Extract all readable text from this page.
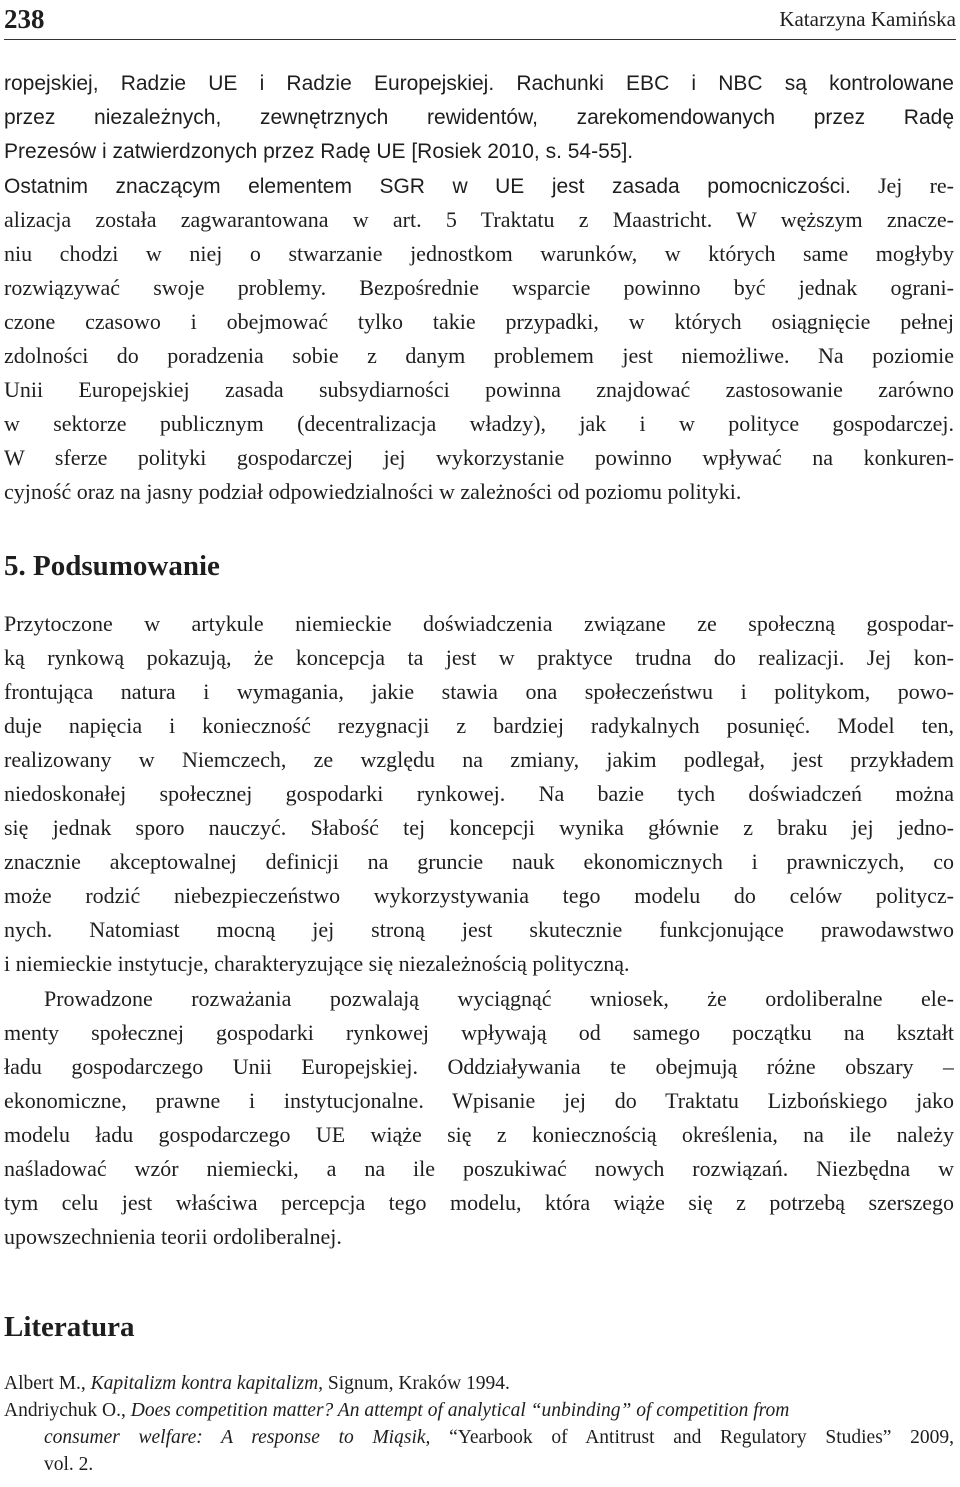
238	Katarzyna Kamińska
ropejskiej, Radzie UE i Radzie Europejskiej. Rachunki EBC i NBC są kontrolowane
przez niezależnych, zewnętrznych rewidentów, zarekomendowanych przez Radę
Prezesów i zatwierdzonych przez Radę UE [Rosiek 2010, s. 54-55].
Ostatnim znaczącym elementem SGR w UE jest zasada pomocniczości. Jej re-
alizacja została zagwarantowana w art. 5 Traktatu z Maastricht. W węższym znacze-
niu chodzi w niej o stwarzanie jednostkom warunków, w których same mogłyby
rozwiązywać swoje problemy. Bezpośrednie wsparcie powinno być jednak ograni-
czone czasowo i obejmować tylko takie przypadki, w których osiągnięcie pełnej
zdolności do poradzenia sobie z danym problemem jest niemożliwe. Na poziomie
Unii Europejskiej zasada subsydiarności powinna znajdować zastosowanie zarówno
w sektorze publicznym (decentralizacja władzy), jak i w polityce gospodarczej.
W sferze polityki gospodarczej jej wykorzystanie powinno wpływać na konkuren-
cyjność oraz na jasny podział odpowiedzialności w zależności od poziomu polityki.
5. Podsumowanie
Przytoczone w artykule niemieckie doświadczenia związane ze społeczną gospodar-
ką rynkową pokazują, że koncepcja ta jest w praktyce trudna do realizacji. Jej kon-
frontująca natura i wymagania, jakie stawia ona społeczeństwu i politykom, powo-
duje napięcia i konieczność rezygnacji z bardziej radykalnych posunięć. Model ten,
realizowany w Niemczech, ze względu na zmiany, jakim podlegał, jest przykładem
niedoskonałej społecznej gospodarki rynkowej. Na bazie tych doświadczeń można
się jednak sporo nauczyć. Słabość tej koncepcji wynika głównie z braku jej jedno-
znacznie akceptowalnej definicji na gruncie nauk ekonomicznych i prawniczych, co
może rodzić niebezpieczeństwo wykorzystywania tego modelu do celów politycz-
nych. Natomiast mocną jej stroną jest skutecznie funkcjonujące prawodawstwo
i niemieckie instytucje, charakteryzujące się niezależnością polityczną.
Prowadzone rozważania pozwalają wyciągnąć wniosek, że ordoliberalne ele-
menty społecznej gospodarki rynkowej wpływają od samego początku na kształt
ładu gospodarczego Unii Europejskiej. Oddziaływania te obejmują różne obszary –
ekonomiczne, prawne i instytucjonalne. Wpisanie jej do Traktatu Lizbońskiego jako
modelu ładu gospodarczego UE wiąże się z koniecznością określenia, na ile należy
naśladować wzór niemiecki, a na ile poszukiwać nowych rozwiązań. Niezbędna w
tym celu jest właściwa percepcja tego modelu, która wiąże się z potrzebą szerszego
upowszechnienia teorii ordoliberalnej.
Literatura
Albert M., Kapitalizm kontra kapitalizm, Signum, Kraków 1994.
Andriychuk O., Does competition matter? An attempt of analytical “unbinding” of competition from
consumer welfare: A response to Miąsik, “Yearbook of Antitrust and Regulatory Studies” 2009,
vol. 2.
